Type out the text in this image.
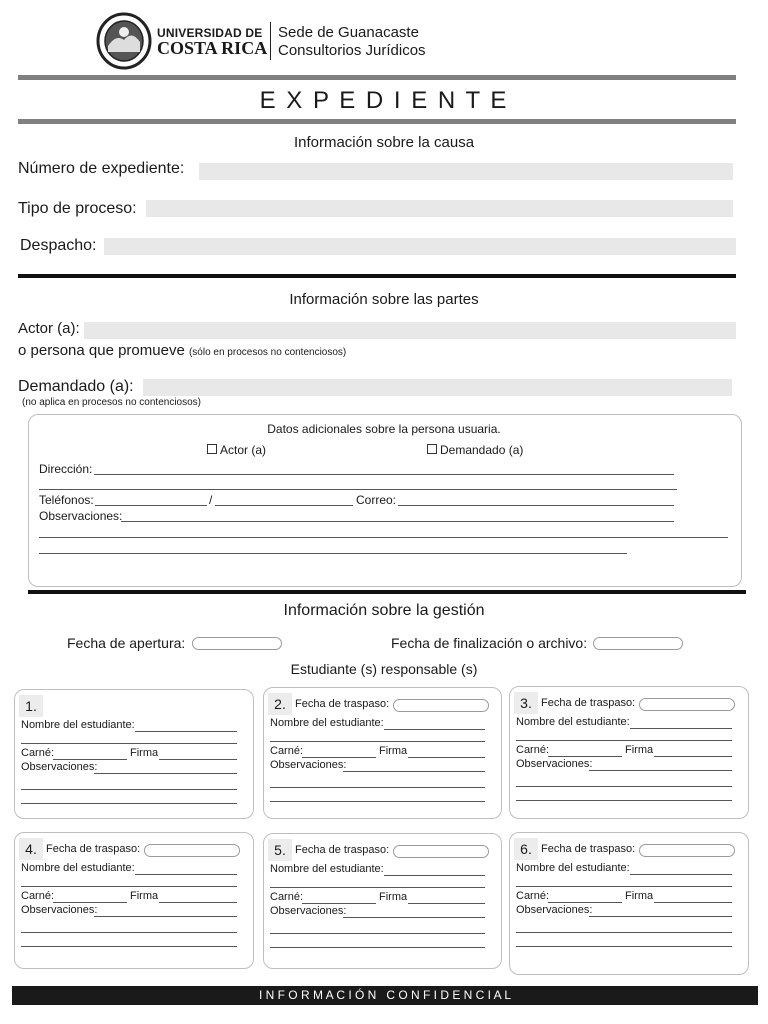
UNIVERSIDAD DE
COSTA RICA
Sede de Guanacaste
Consultorios Jurídicos
E X P E D I E N T E
Información sobre la causa
Número de expediente:
Tipo de proceso:
Despacho:
Información sobre las partes
Actor (a):
o persona que promueve (sólo en procesos no contenciosos)
Demandado (a):
(no aplica en procesos no contenciosos)
Datos adicionales sobre la persona usuaria.
Actor (a)	Demandado (a)
Dirección:
Teléfonos:	/	Correo:
Observaciones:
Información sobre la gestión
Fecha de apertura:	Fecha de finalización o archivo:
Estudiante (s) responsable (s)
1.
Nombre del estudiante:
Carné:	Firma
Observaciones:
2. Fecha de traspaso:
Nombre del estudiante:
Carné:	Firma
Observaciones:
3. Fecha de traspaso:
Nombre del estudiante:
Carné:	Firma
Observaciones:
4. Fecha de traspaso:
Nombre del estudiante:
Carné:	Firma
Observaciones:
5. Fecha de traspaso:
Nombre del estudiante:
Carné:	Firma
Observaciones:
6. Fecha de traspaso:
Nombre del estudiante:
Carné:	Firma
Observaciones:
I N F O R M A C I Ó N   C O N F I D E N C I A L
